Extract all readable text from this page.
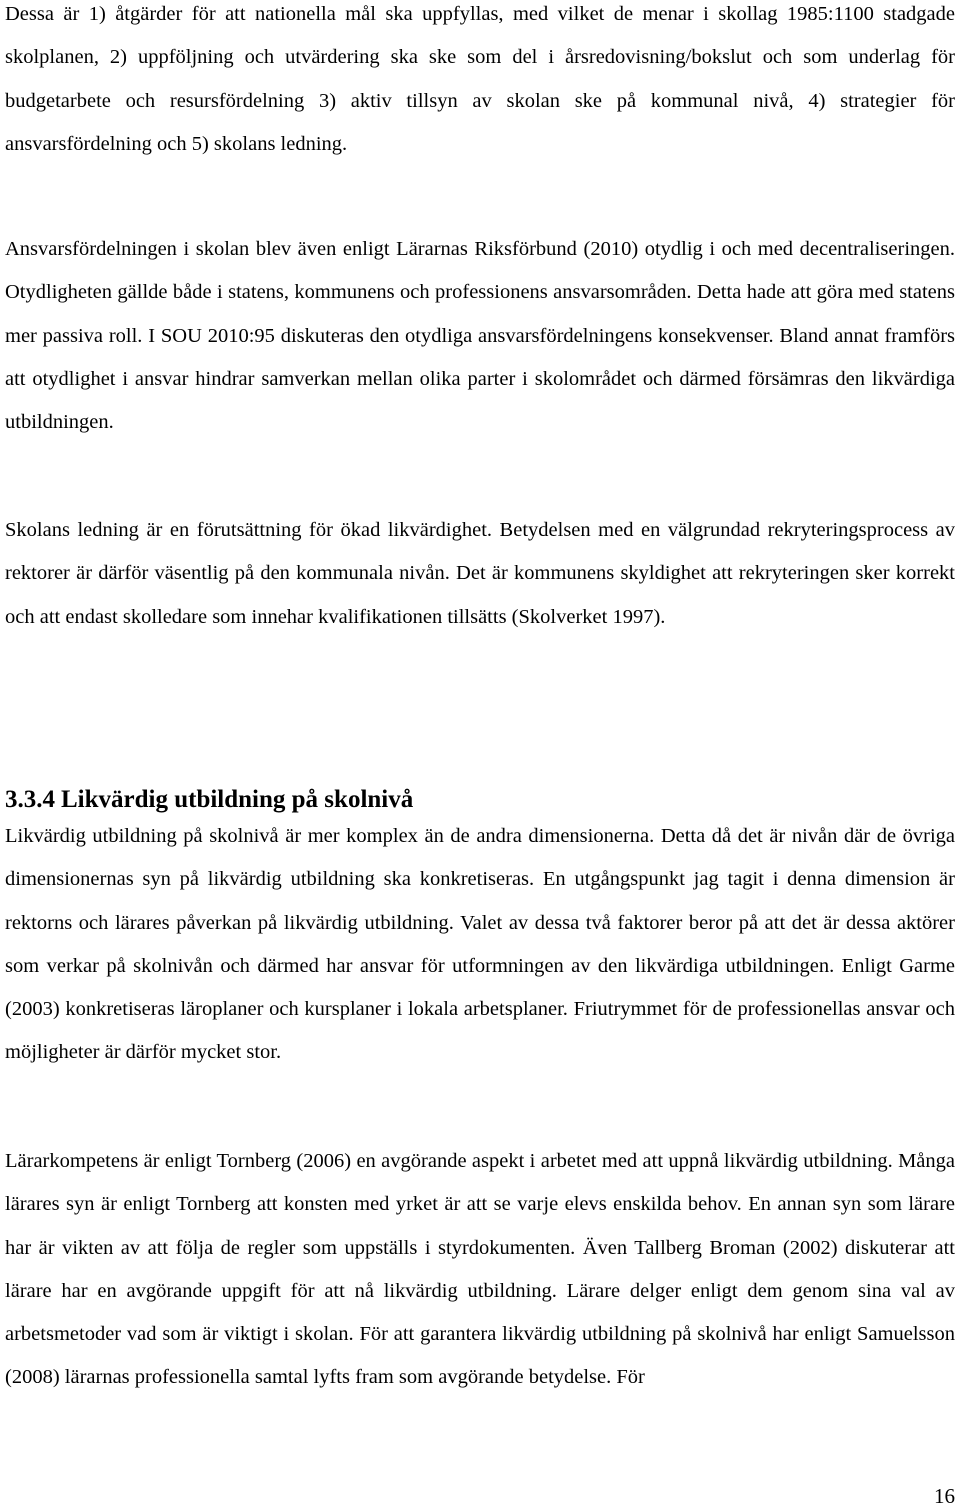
Dessa är 1) åtgärder för att nationella mål ska uppfyllas, med vilket de menar i skollag 1985:1100 stadgade skolplanen, 2) uppföljning och utvärdering ska ske som del i årsredovisning/bokslut och som underlag för budgetarbete och resursfördelning 3) aktiv tillsyn av skolan ske på kommunal nivå, 4) strategier för ansvarsfördelning och 5) skolans ledning.

Ansvarsfördelningen i skolan blev även enligt Lärarnas Riksförbund (2010) otydlig i och med decentraliseringen. Otydligheten gällde både i statens, kommunens och professionens ansvarsområden. Detta hade att göra med statens mer passiva roll. I SOU 2010:95 diskuteras den otydliga ansvarsfördelningens konsekvenser. Bland annat framförs att otydlighet i ansvar hindrar samverkan mellan olika parter i skolområdet och därmed försämras den likvärdiga utbildningen.

Skolans ledning är en förutsättning för ökad likvärdighet. Betydelsen med en välgrundad rekryteringsprocess av rektorer är därför väsentlig på den kommunala nivån. Det är kommunens skyldighet att rekryteringen sker korrekt och att endast skolledare som innehar kvalifikationen tillsätts (Skolverket 1997).

3.3.4 Likvärdig utbildning på skolnivå

Likvärdig utbildning på skolnivå är mer komplex än de andra dimensionerna. Detta då det är nivån där de övriga dimensionernas syn på likvärdig utbildning ska konkretiseras. En utgångspunkt jag tagit i denna dimension är rektorns och lärares påverkan på likvärdig utbildning. Valet av dessa två faktorer beror på att det är dessa aktörer som verkar på skolnivån och därmed har ansvar för utformningen av den likvärdiga utbildningen. Enligt Garme (2003) konkretiseras läroplaner och kursplaner i lokala arbetsplaner. Friutrymmet för de professionellas ansvar och möjligheter är därför mycket stor.

Lärarkompetens är enligt Tornberg (2006) en avgörande aspekt i arbetet med att uppnå likvärdig utbildning. Många lärares syn är enligt Tornberg att konsten med yrket är att se varje elevs enskilda behov. En annan syn som lärare har är vikten av att följa de regler som uppställs i styrdokumenten. Även Tallberg Broman (2002) diskuterar att lärare har en avgörande uppgift för att nå likvärdig utbildning. Lärare delger enligt dem genom sina val av arbetsmetoder vad som är viktigt i skolan. För att garantera likvärdig utbildning på skolnivå har enligt Samuelsson (2008) lärarnas professionella samtal lyfts fram som avgörande betydelse. För

16
